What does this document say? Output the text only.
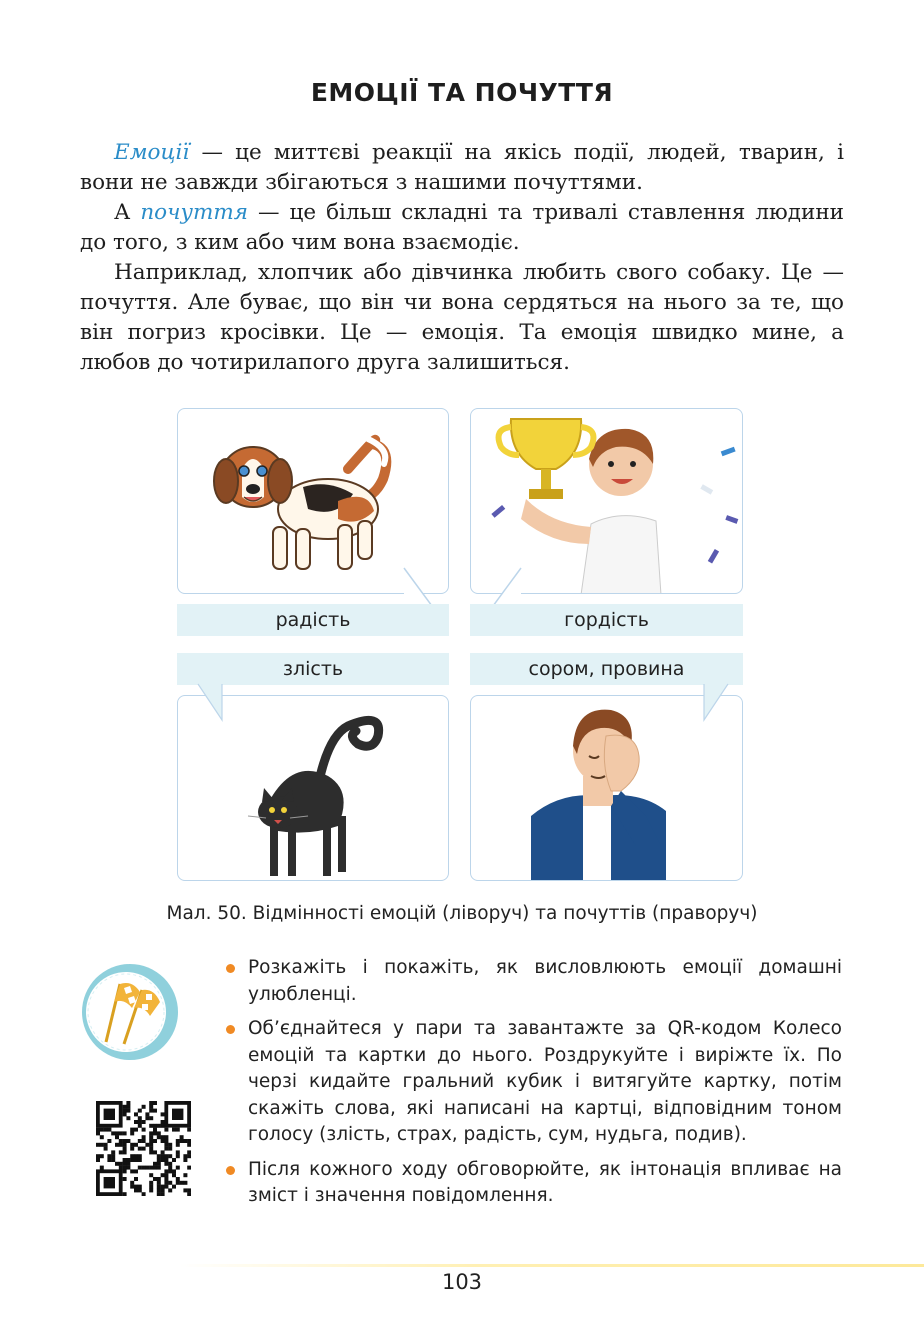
ЕМОЦІЇ ТА ПОЧУТТЯ

Емоції — це миттєві реакції на якісь події, людей, тварин, і вони не завжди збігаються з нашими почуттями.

А почуття — це більш складні та тривалі ставлення людини до того, з ким або чим вона взаємодіє.

Наприклад, хлопчик або дівчинка любить свого собаку. Це —почуття. Але буває, що він чи вона сердяться на нього за те, що він погриз кросівки. Це — емоція. Та емоція швидко мине, а любов до чотирилапого друга залишиться.

радість	гордість
злість	сором, провина
Мал. 50. Відмінності емоцій (ліворуч) та почуттів (праворуч)
Розкажіть і покажіть, як висловлюють емоції домашні улюбленці.
Об’єднайтеся у пари та завантажте за QR-кодом Колесо емоцій та картки до нього. Роздрукуйте і виріжте їх. По черзі кидайте гральний кубик і витягуйте картку, потім скажіть слова, які написані на картці, відповідним тоном голосу (злість, страх, радість, сум, нудьга, подив).
Після кожного ходу обговорюйте, як інтонація впливає на зміст і значення повідомлення.
103
